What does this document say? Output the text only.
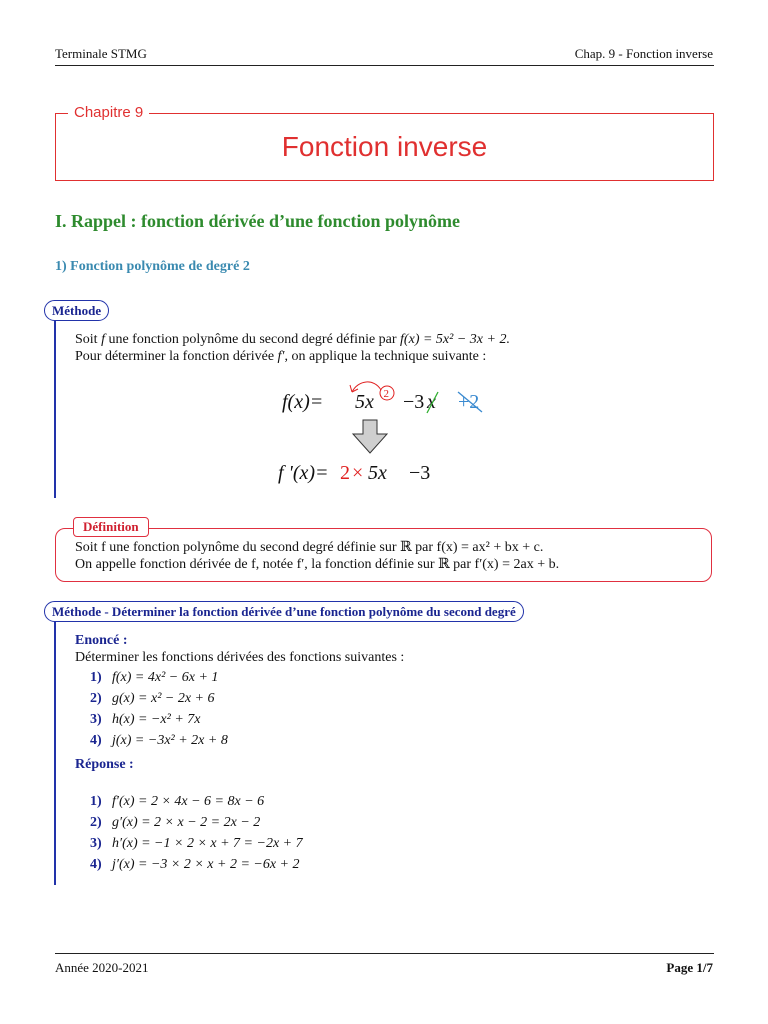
Terminale STMG	Chap. 9 - Fonction inverse
Chapitre 9
Fonction inverse
I. Rappel : fonction dérivée d’une fonction polynôme
1) Fonction polynôme de degré 2
Méthode
Soit f une fonction polynôme du second degré définie par f(x) = 5x² − 3x + 2.
Pour déterminer la fonction dérivée f′, on applique la technique suivante :
f(x)= 5x 2 −3 x +2
f '(x)= 2 × 5x −3
Définition
Soit f une fonction polynôme du second degré définie sur ℝ par f(x) = ax² + bx + c.
On appelle fonction dérivée de f, notée f′, la fonction définie sur ℝ par f′(x) = 2ax + b.
Méthode - Déterminer la fonction dérivée d’une fonction polynôme du second degré
Enoncé :
Déterminer les fonctions dérivées des fonctions suivantes :
1) f(x) = 4x² − 6x + 1
2) g(x) = x² − 2x + 6
3) h(x) = −x² + 7x
4) j(x) = −3x² + 2x + 8
Réponse :
1) f′(x) = 2 × 4x − 6 = 8x − 6
2) g′(x) = 2 × x − 2 = 2x − 2
3) h′(x) = −1 × 2 × x + 7 = −2x + 7
4) j′(x) = −3 × 2 × x + 2 = −6x + 2
Année 2020-2021	Page 1/7
